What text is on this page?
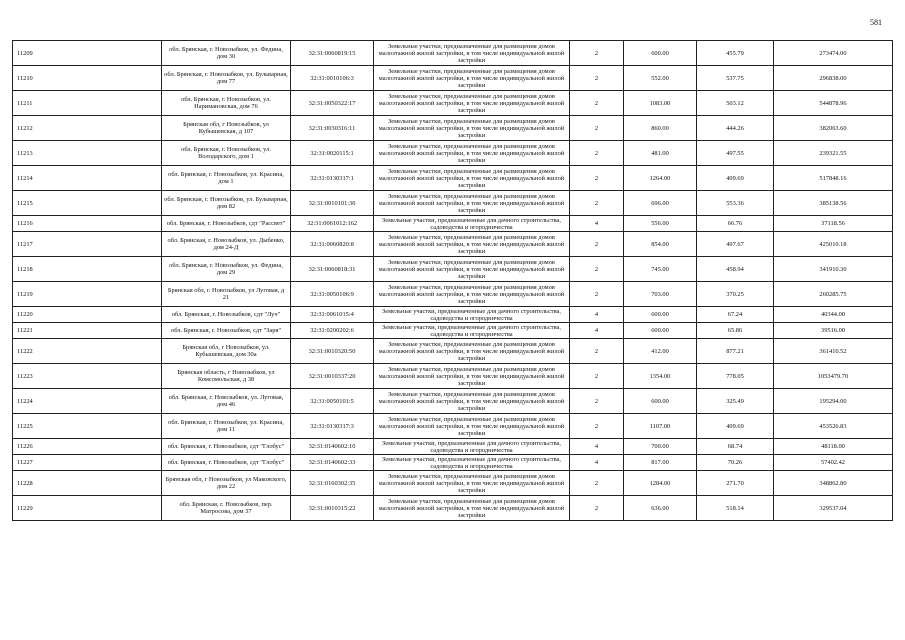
581
11209	обл. Брянская, г. Новозыбков, ул. Федина, дом 30	32:31:0060819:15	Земельные участки, предназначенные для размещения домов малоэтажной жилой застройки, в том числе индивидуальной жилой застройки	2	600.00	455.79	273474.00
11210	обл. Брянская, г. Новозыбков, ул. Бульварная, дом 77	32:31:0010106:3	Земельные участки, предназначенные для размещения домов малоэтажной жилой застройки, в том числе индивидуальной жилой застройки	2	552.00	537.75	296838.00
11211	обл. Брянская, г. Новозыбков, ул. Наримановская, дом 76	32:31:0050322:17	Земельные участки, предназначенные для размещения домов малоэтажной жилой застройки, в том числе индивидуальной жилой застройки	2	1083.00	503.12	544878.96
11212	Брянская обл, г Новозыбков, ул Кубышевская, д 107	32:31:0030316:11	Земельные участки, предназначенные для размещения домов малоэтажной жилой застройки, в том числе индивидуальной жилой застройки	2	860.00	444.26	382063.60
11213	обл. Брянская, г. Новозыбков, ул. Володарского, дом 1	32:31:0020115:1	Земельные участки, предназначенные для размещения домов малоэтажной жилой застройки, в том числе индивидуальной жилой застройки	2	481.00	497.55	239321.55
11214	обл. Брянская, г. Новозыбков, ул. Красина, дом 1	32:31:0130317:1	Земельные участки, предназначенные для размещения домов малоэтажной жилой застройки, в том числе индивидуальной жилой застройки	2	1264.00	409.69	517848.16
11215	обл. Брянская, г. Новозыбков, ул. Бульварная, дом 82	32:31:0010101:30	Земельные участки, предназначенные для размещения домов малоэтажной жилой застройки, в том числе индивидуальной жилой застройки	2	696.00	553.36	385138.56
11216	обл. Брянская, г. Новозыбков, сдт "Рассвет"	32:31:0061012:162	Земельные участки, предназначенные для дачного строительства, садоводства и огородничества	4	556.00	66.76	37118.56
11217	обл. Брянская, г. Новозыбков, ул. Дыбенко, дом 24-Д	32:31:0060820:8	Земельные участки, предназначенные для размещения домов малоэтажной жилой застройки, в том числе индивидуальной жилой застройки	2	854.00	497.67	425010.18
11218	обл. Брянская, г. Новозыбков, ул. Федина, дом 29	32:31:0060818:31	Земельные участки, предназначенные для размещения домов малоэтажной жилой застройки, в том числе индивидуальной жилой застройки	2	745.00	458.94	341910.30
11219	Брянская обл, г. Новозыбков, ул Луговая, д 21	32:31:0050106:9	Земельные участки, предназначенные для размещения домов малоэтажной жилой застройки, в том числе индивидуальной жилой застройки	2	703.00	370.25	260285.75
11220	обл. Брянская, г. Новозыбков, сдт "Луч"	32:31:0061015:4	Земельные участки, предназначенные для дачного строительства, садоводства и огородничества	4	600.00	67.24	40344.00
11221	обл. Брянская, г. Новозыбков, сдт "Заря"	32:31:0200202:6	Земельные участки, предназначенные для дачного строительства, садоводства и огородничества	4	600.00	65.86	39516.00
11222	Брянская обл, г Новозыбков, ул. Кубышевская, дом 30а	32:31:0010320:50	Земельные участки, предназначенные для размещения домов малоэтажной жилой застройки, в том числе индивидуальной жилой застройки	2	412.00	877.21	361410.52
11223	Брянская область, г Новозыбков, ул Комсомольская, д 38	32:31:0010337:20	Земельные участки, предназначенные для размещения домов малоэтажной жилой застройки, в том числе индивидуальной жилой застройки	2	1354.00	778.05	1053479.70
11224	обл. Брянская, г. Новозыбков, ул. Луговая, дом 46	32:31:0050101:5	Земельные участки, предназначенные для размещения домов малоэтажной жилой застройки, в том числе индивидуальной жилой застройки	2	600.00	325.49	195294.00
11225	обл. Брянская, г. Новозыбков, ул. Красина, дом 11	32:31:0130317:3	Земельные участки, предназначенные для размещения домов малоэтажной жилой застройки, в том числе индивидуальной жилой застройки	2	1107.00	409.69	453526.83
11226	обл. Брянская, г. Новозыбков, сдт "Глобус"	32:31:0140602:10	Земельные участки, предназначенные для дачного строительства, садоводства и огородничества	4	700.00	68.74	48118.00
11227	обл. Брянская, г. Новозыбков, сдт "Глобус"	32:31:0140602:33	Земельные участки, предназначенные для дачного строительства, садоводства и огородничества	4	817.00	70.26	57402.42
11228	Брянская обл, г Новозыбков, ул Маковского, дом 22	32:31:0160302:35	Земельные участки, предназначенные для размещения домов малоэтажной жилой застройки, в том числе индивидуальной жилой застройки	2	1284.00	271.70	348862.80
11229	обл. Брянская, г. Новозыбков, пер. Матросова, дом 37	32:31:0010315:22	Земельные участки, предназначенные для размещения домов малоэтажной жилой застройки, в том числе индивидуальной жилой застройки	2	636.00	518.14	329537.04
